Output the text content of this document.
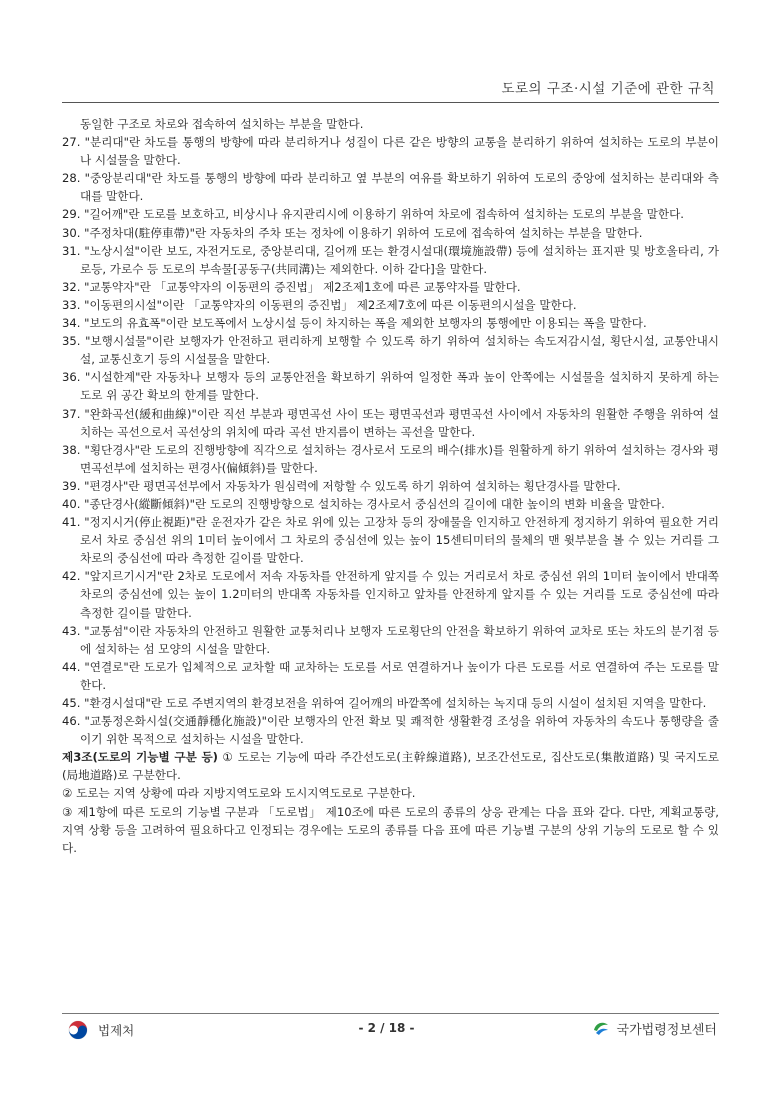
도로의 구조·시설 기준에 관한 규칙

동일한 구조로 차로와 접속하여 설치하는 부분을 말한다.

27. "분리대"란 차도를 통행의 방향에 따라 분리하거나 성질이 다른 같은 방향의 교통을 분리하기 위하여 설치하는 도로의 부분이나 시설물을 말한다.

28. "중앙분리대"란 차도를 통행의 방향에 따라 분리하고 옆 부분의 여유를 확보하기 위하여 도로의 중앙에 설치하는 분리대와 측대를 말한다.

29. "길어깨"란 도로를 보호하고, 비상시나 유지관리시에 이용하기 위하여 차로에 접속하여 설치하는 도로의 부분을 말한다.

30. "주정차대(駐停車帶)"란 자동차의 주차 또는 정차에 이용하기 위하여 도로에 접속하여 설치하는 부분을 말한다.

31. "노상시설"이란 보도, 자전거도로, 중앙분리대, 길어깨 또는 환경시설대(環境施設帶) 등에 설치하는 표지판 및 방호울타리, 가로등, 가로수 등 도로의 부속물[공동구(共同溝)는 제외한다. 이하 같다]을 말한다.

32. "교통약자"란 「교통약자의 이동편의 증진법」 제2조제1호에 따른 교통약자를 말한다.

33. "이동편의시설"이란 「교통약자의 이동편의 증진법」 제2조제7호에 따른 이동편의시설을 말한다.

34. "보도의 유효폭"이란 보도폭에서 노상시설 등이 차지하는 폭을 제외한 보행자의 통행에만 이용되는 폭을 말한다.

35. "보행시설물"이란 보행자가 안전하고 편리하게 보행할 수 있도록 하기 위하여 설치하는 속도저감시설, 횡단시설, 교통안내시설, 교통신호기 등의 시설물을 말한다.

36. "시설한계"란 자동차나 보행자 등의 교통안전을 확보하기 위하여 일정한 폭과 높이 안쪽에는 시설물을 설치하지 못하게 하는 도로 위 공간 확보의 한계를 말한다.

37. "완화곡선(緩和曲線)"이란 직선 부분과 평면곡선 사이 또는 평면곡선과 평면곡선 사이에서 자동차의 원활한 주행을 위하여 설치하는 곡선으로서 곡선상의 위치에 따라 곡선 반지름이 변하는 곡선을 말한다.

38. "횡단경사"란 도로의 진행방향에 직각으로 설치하는 경사로서 도로의 배수(排水)를 원활하게 하기 위하여 설치하는 경사와 평면곡선부에 설치하는 편경사(偏傾斜)를 말한다.

39. "편경사"란 평면곡선부에서 자동차가 원심력에 저항할 수 있도록 하기 위하여 설치하는 횡단경사를 말한다.

40. "종단경사(縱斷傾斜)"란 도로의 진행방향으로 설치하는 경사로서 중심선의 길이에 대한 높이의 변화 비율을 말한다.

41. "정지시거(停止視距)"란 운전자가 같은 차로 위에 있는 고장차 등의 장애물을 인지하고 안전하게 정지하기 위하여 필요한 거리로서 차로 중심선 위의 1미터 높이에서 그 차로의 중심선에 있는 높이 15센티미터의 물체의 맨 윗부분을 볼 수 있는 거리를 그 차로의 중심선에 따라 측정한 길이를 말한다.

42. "앞지르기시거"란 2차로 도로에서 저속 자동차를 안전하게 앞지를 수 있는 거리로서 차로 중심선 위의 1미터 높이에서 반대쪽 차로의 중심선에 있는 높이 1.2미터의 반대쪽 자동차를 인지하고 앞차를 안전하게 앞지를 수 있는 거리를 도로 중심선에 따라 측정한 길이를 말한다.

43. "교통섬"이란 자동차의 안전하고 원활한 교통처리나 보행자 도로횡단의 안전을 확보하기 위하여 교차로 또는 차도의 분기점 등에 설치하는 섬 모양의 시설을 말한다.

44. "연결로"란 도로가 입체적으로 교차할 때 교차하는 도로를 서로 연결하거나 높이가 다른 도로를 서로 연결하여 주는 도로를 말한다.

45. "환경시설대"란 도로 주변지역의 환경보전을 위하여 길어깨의 바깥쪽에 설치하는 녹지대 등의 시설이 설치된 지역을 말한다.

46. "교통정온화시설(交通靜穩化施設)"이란 보행자의 안전 확보 및 쾌적한 생활환경 조성을 위하여 자동차의 속도나 통행량을 줄이기 위한 목적으로 설치하는 시설을 말한다.

제3조(도로의 기능별 구분 등) ① 도로는 기능에 따라 주간선도로(主幹線道路), 보조간선도로, 집산도로(集散道路) 및 국지도로(局地道路)로 구분한다.

② 도로는 지역 상황에 따라 지방지역도로와 도시지역도로로 구분한다.

③ 제1항에 따른 도로의 기능별 구분과 「도로법」 제10조에 따른 도로의 종류의 상응 관계는 다음 표와 같다. 다만, 계획교통량, 지역 상황 등을 고려하여 필요하다고 인정되는 경우에는 도로의 종류를 다음 표에 따른 기능별 구분의 상위 기능의 도로로 할 수 있다.

법제처	- 2 / 18 -	국가법령정보센터
